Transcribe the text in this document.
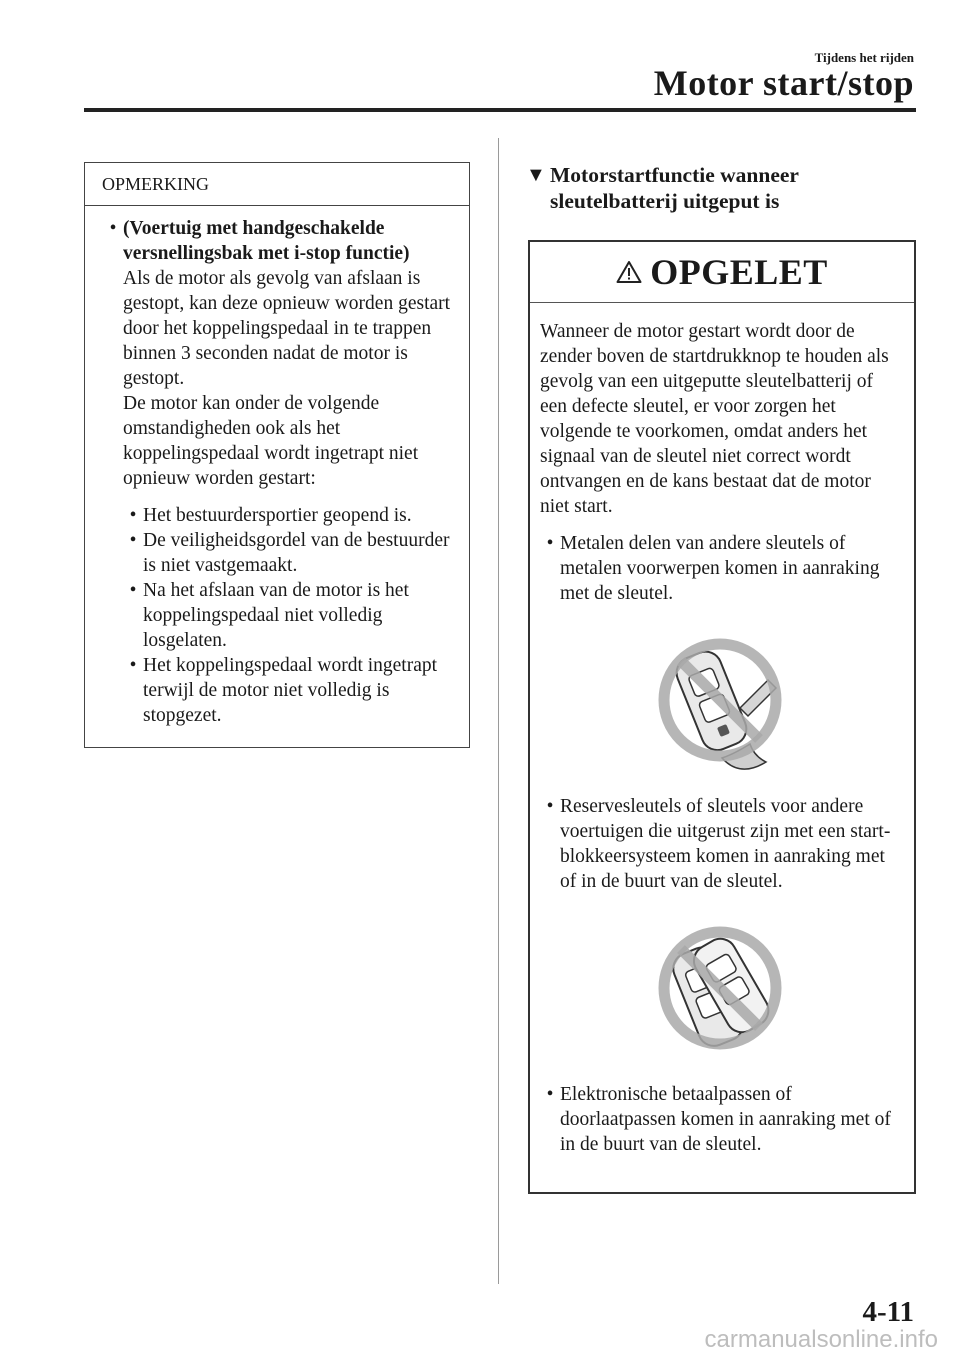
Tijdens het rijden
Motor start/stop
OPMERKING
• (Voertuig met handgeschakelde versnellingsbak met i-stop functie)
Als de motor als gevolg van afslaan is gestopt, kan deze opnieuw worden gestart door het koppelingspedaal in te trappen binnen 3 seconden nadat de motor is gestopt.
De motor kan onder de volgende omstandigheden ook als het koppelingspedaal wordt ingetrapt niet opnieuw worden gestart:
• Het bestuurdersportier geopend is.
• De veiligheidsgordel van de bestuurder is niet vastgemaakt.
• Na het afslaan van de motor is het koppelingspedaal niet volledig losgelaten.
• Het koppelingspedaal wordt ingetrapt terwijl de motor niet volledig is stopgezet.
▼ Motorstartfunctie wanneer sleutelbatterij uitgeput is
OPGELET
Wanneer de motor gestart wordt door de zender boven de startdrukknop te houden als gevolg van een uitgeputte sleutelbatterij of een defecte sleutel, er voor zorgen het volgende te voorkomen, omdat anders het signaal van de sleutel niet correct wordt ontvangen en de kans bestaat dat de motor niet start.
• Metalen delen van andere sleutels of metalen voorwerpen komen in aanraking met de sleutel.
• Reservesleutels of sleutels voor andere voertuigen die uitgerust zijn met een start-blokkeersysteem komen in aanraking met of in de buurt van de sleutel.
• Elektronische betaalpassen of doorlaatpassen komen in aanraking met of in de buurt van de sleutel.
4-11
carmanualsonline.info
